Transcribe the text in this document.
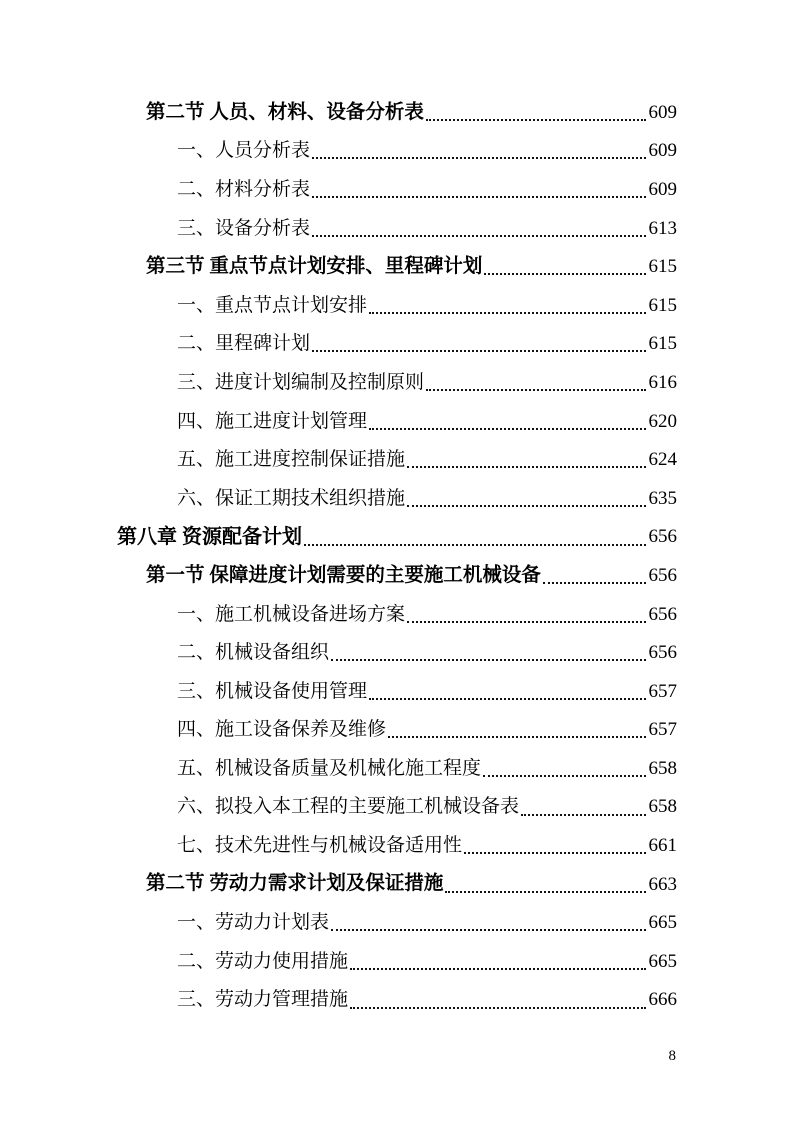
第二节 人员、材料、设备分析表	609
一、人员分析表	609
二、材料分析表	609
三、设备分析表	613
第三节 重点节点计划安排、里程碑计划	615
一、重点节点计划安排	615
二、里程碑计划	615
三、进度计划编制及控制原则	616
四、施工进度计划管理	620
五、施工进度控制保证措施	624
六、保证工期技术组织措施	635
第八章 资源配备计划	656
第一节 保障进度计划需要的主要施工机械设备	656
一、施工机械设备进场方案	656
二、机械设备组织	656
三、机械设备使用管理	657
四、施工设备保养及维修	657
五、机械设备质量及机械化施工程度	658
六、拟投入本工程的主要施工机械设备表	658
七、技术先进性与机械设备适用性	661
第二节 劳动力需求计划及保证措施	663
一、劳动力计划表	665
二、劳动力使用措施	665
三、劳动力管理措施	666
8
